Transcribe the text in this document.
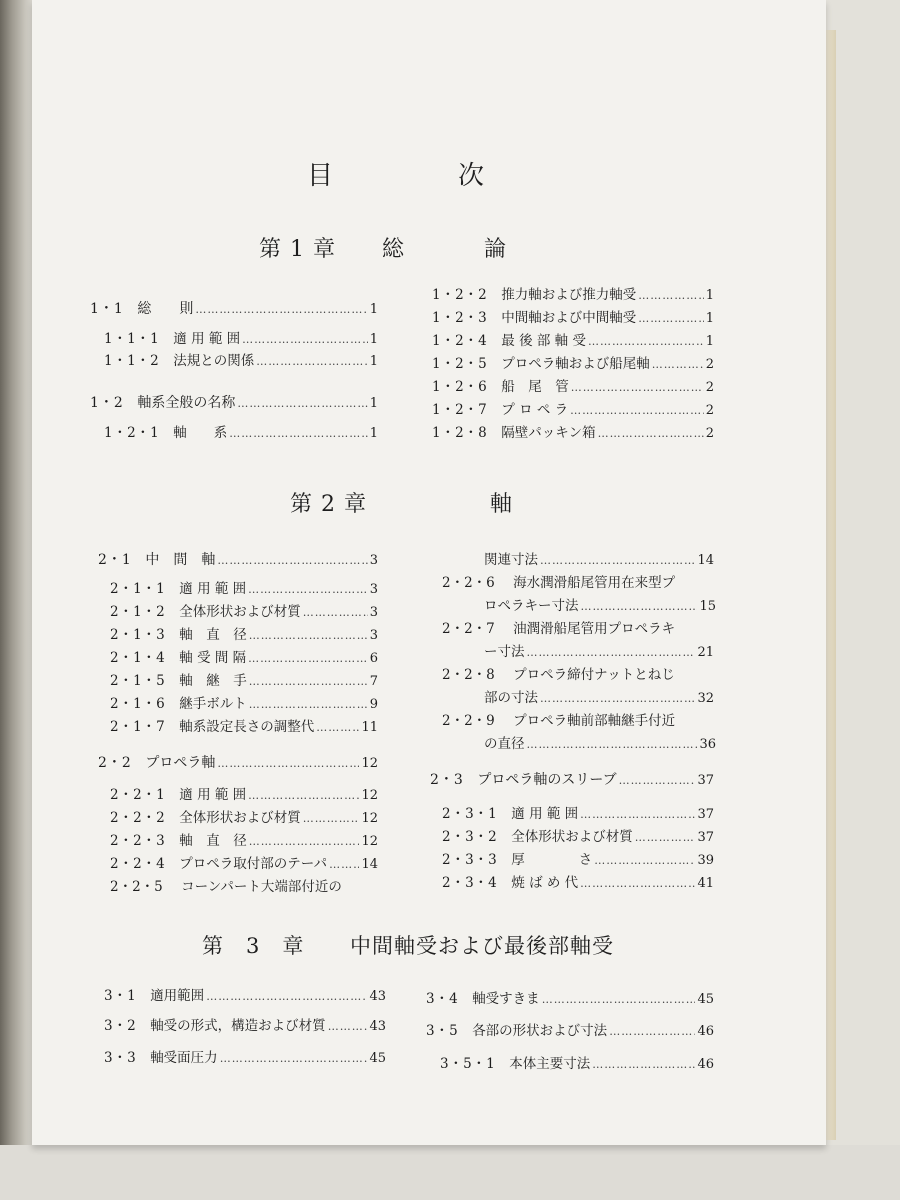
目	次
第 1 章 総	論
1・1	総　　則 ……………………………………………………………………………………	1
1・1・1	適 用 範 囲 ……………………………………………………………………………………	1
1・1・2	法規との関係 ……………………………………………………………………………………	1
1・2	軸系全般の名称 ……………………………………………………………………………………	1
1・2・1	軸　　系 ……………………………………………………………………………………	1
1・2・2	推力軸および推力軸受 ……………………………………………………………………………………	1
1・2・3	中間軸および中間軸受 ……………………………………………………………………………………	1
1・2・4	最 後 部 軸 受 ……………………………………………………………………………………	1
1・2・5	プロペラ軸および船尾軸 ……………………………………………………………………………………	2
1・2・6	船　尾　管 ……………………………………………………………………………………	2
1・2・7	プ ロ ペ ラ ……………………………………………………………………………………	2
1・2・8	隔壁パッキン箱 ……………………………………………………………………………………	2
第 2 章	軸
2・1	中　間　軸 ……………………………………………………………………………………	3
2・1・1	適 用 範 囲 ……………………………………………………………………………………	3
2・1・2	全体形状および材質 ……………………………………………………………………………………	3
2・1・3	軸　直　径 ……………………………………………………………………………………	3
2・1・4	軸 受 間 隔 ……………………………………………………………………………………	6
2・1・5	軸　継　手 ……………………………………………………………………………………	7
2・1・6	継手ボルト ……………………………………………………………………………………	9
2・1・7	軸系設定長さの調整代 ……………………………………………………………………………………	11
2・2	プロペラ軸 ……………………………………………………………………………………	12
2・2・1	適 用 範 囲 ……………………………………………………………………………………	12
2・2・2	全体形状および材質 ……………………………………………………………………………………	12
2・2・3	軸　直　径 ……………………………………………………………………………………	12
2・2・4	プロペラ取付部のテーパ ……………………………………………………………………………………	14
2・2・5 コーンパート大端部付近の
関連寸法 ……………………………………………………………………………………	14
2・2・6 海水潤滑船尾管用在来型プ
ロペラキー寸法 ……………………………………………………………………………………	15
2・2・7 油潤滑船尾管用プロペラキ
ー寸法 ……………………………………………………………………………………	21
2・2・8 プロペラ締付ナットとねじ
部の寸法 ……………………………………………………………………………………	32
2・2・9 プロペラ軸前部軸継手付近
の直径 ……………………………………………………………………………………	36
2・3	プロペラ軸のスリーブ ……………………………………………………………………………………	37
2・3・1	適 用 範 囲 ……………………………………………………………………………………	37
2・3・2	全体形状および材質 ……………………………………………………………………………………	37
2・3・3	厚　　　　さ ……………………………………………………………………………………	39
2・3・4	焼 ば め 代 ……………………………………………………………………………………	41
第　3　章 中間軸受および最後部軸受
3・1	適用範囲 ……………………………………………………………………………………	43
3・2	軸受の形式，構造および材質 ……………………………………………………………………………………	43
3・3	軸受面圧力 ……………………………………………………………………………………	45
3・4	軸受すきま ……………………………………………………………………………………	45
3・5	各部の形状および寸法 ……………………………………………………………………………………	46
3・5・1	本体主要寸法 ……………………………………………………………………………………	46
